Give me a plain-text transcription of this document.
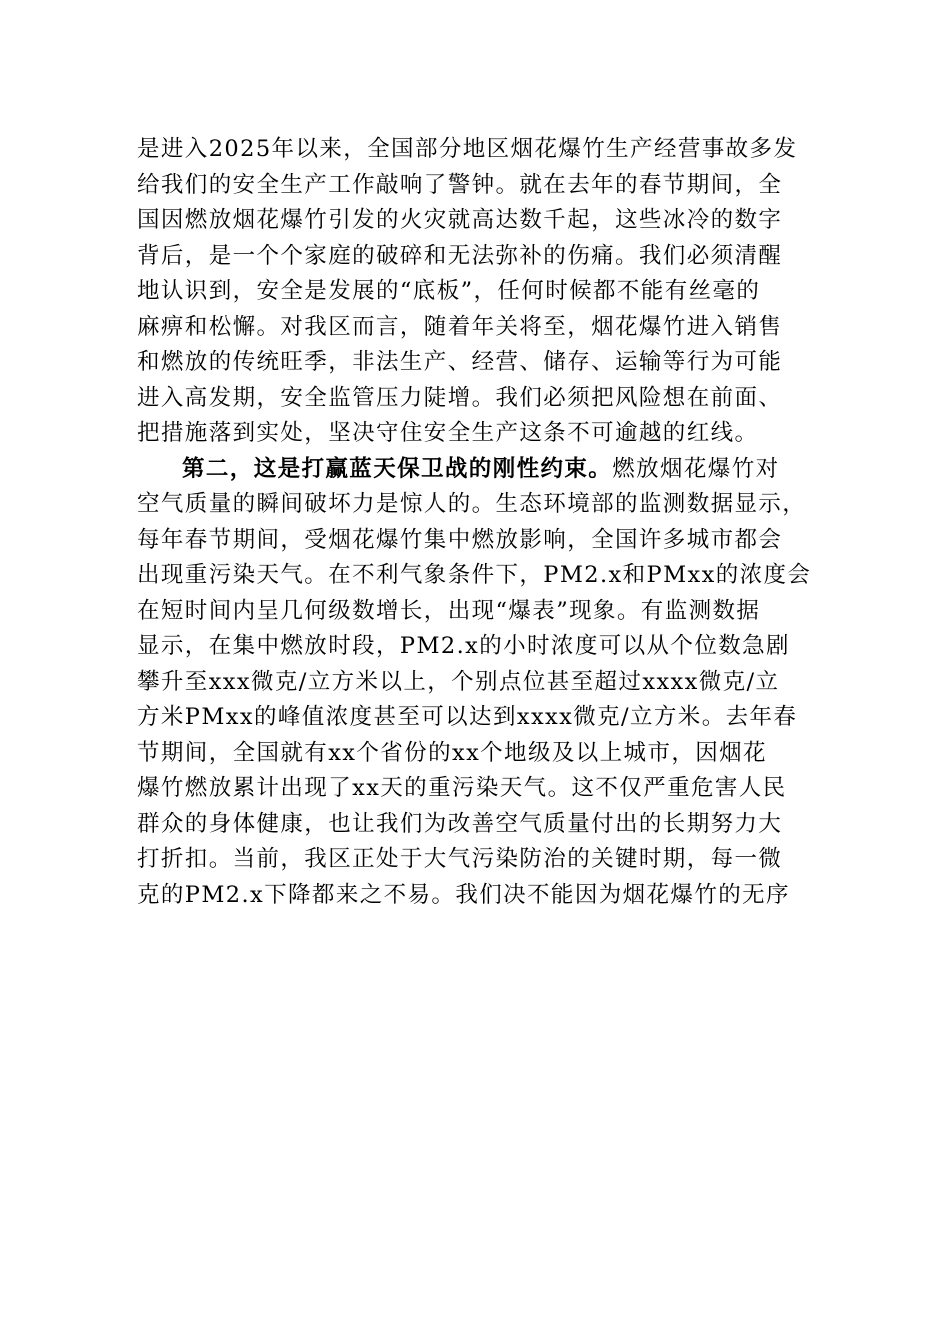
是进入2025年以来，全国部分地区烟花爆竹生产经营事故多发
给我们的安全生产工作敲响了警钟。就在去年的春节期间，全
国因燃放烟花爆竹引发的火灾就高达数千起，这些冰冷的数字
背后，是一个个家庭的破碎和无法弥补的伤痛。我们必须清醒
地认识到，安全是发展的“底板”，任何时候都不能有丝毫的
麻痹和松懈。对我区而言，随着年关将至，烟花爆竹进入销售
和燃放的传统旺季，非法生产、经营、储存、运输等行为可能
进入高发期，安全监管压力陡增。我们必须把风险想在前面、
把措施落到实处，坚决守住安全生产这条不可逾越的红线。
第二，这是打赢蓝天保卫战的刚性约束。燃放烟花爆竹对
空气质量的瞬间破坏力是惊人的。生态环境部的监测数据显示，
每年春节期间，受烟花爆竹集中燃放影响，全国许多城市都会
出现重污染天气。在不利气象条件下，PM2.x和PMxx的浓度会
在短时间内呈几何级数增长，出现“爆表”现象。有监测数据
显示，在集中燃放时段，PM2.x的小时浓度可以从个位数急剧
攀升至xxx微克/立方米以上，个别点位甚至超过xxxx微克/立
方米PMxx的峰值浓度甚至可以达到xxxx微克/立方米。去年春
节期间，全国就有xx个省份的xx个地级及以上城市，因烟花
爆竹燃放累计出现了xx天的重污染天气。这不仅严重危害人民
群众的身体健康，也让我们为改善空气质量付出的长期努力大
打折扣。当前，我区正处于大气污染防治的关键时期，每一微
克的PM2.x下降都来之不易。我们决不能因为烟花爆竹的无序
